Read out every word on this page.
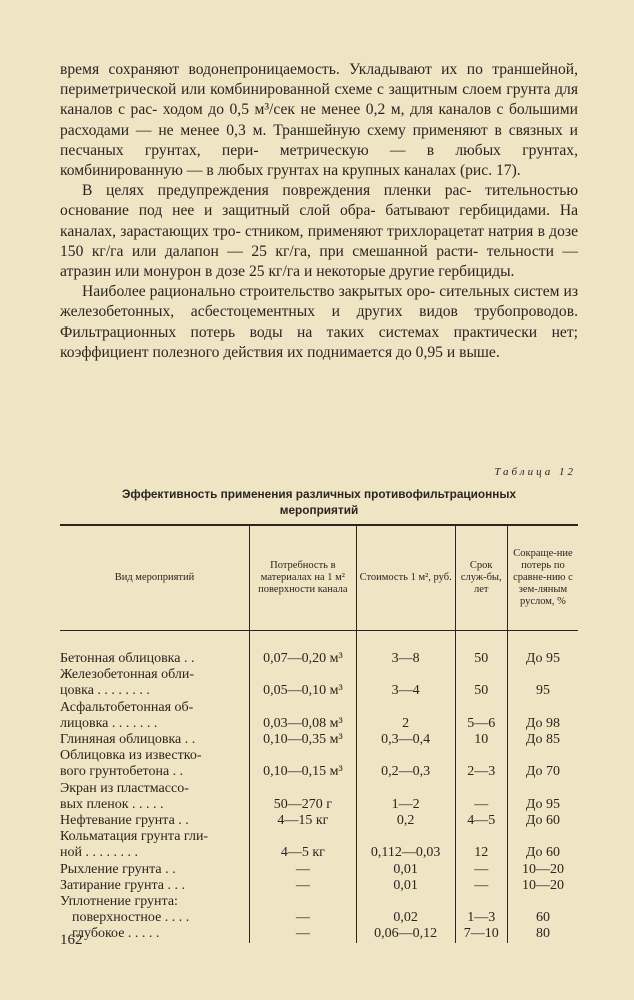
время сохраняют водонепроницаемость. Укладывают их по траншейной, периметрической или комбинированной схеме с защитным слоем грунта для каналов с рас- ходом до 0,5 м³/сек не менее 0,2 м, для каналов с большими расходами — не менее 0,3 м. Траншейную схему применяют в связных и песчаных грунтах, пери- метрическую — в любых грунтах, комбинированную — в любых грунтах на крупных каналах (рис. 17).

В целях предупреждения повреждения пленки рас- тительностью основание под нее и защитный слой обра- батывают гербицидами. На каналах, зарастающих тро- стником, применяют трихлорацетат натрия в дозе 150 кг/га или далапон — 25 кг/га, при смешанной расти- тельности — атразин или монурон в дозе 25 кг/га и некоторые другие гербициды.

Наиболее рационально строительство закрытых оро- сительных систем из железобетонных, асбестоцементных и других видов трубопроводов. Фильтрационных потерь воды на таких системах практически нет; коэффициент полезного действия их поднимается до 0,95 и выше.

Таблица 12
Эффективность применения различных противофильтрационных
мероприятий
Вид мероприятий	Потребность в материалах на 1 м² поверхности канала	Стоимость 1 м², руб.	Срок служ-бы, лет	Сокраще-ние потерь по сравне-нию с зем-ляным руслом, %

Бетонная облицовка . .	0,07—0,20 м³	3—8	50	До 95
Железобетонная обли-				
цовка . . . . . . . .	0,05—0,10 м³	3—4	50	95
Асфальтобетонная об-				
лицовка . . . . . . .	0,03—0,08 м³	2	5—6	До 98
Глиняная облицовка . .	0,10—0,35 м³	0,3—0,4	10	До 85
Облицовка из известко-				
вого грунтобетона . .	0,10—0,15 м³	0,2—0,3	2—3	До 70
Экран из пластмассо-				
вых пленок . . . . .	50—270 г	1—2	—	До 95
Нефтевание грунта . .	4—15 кг	0,2	4—5	До 60
Кольматация грунта гли-				
ной . . . . . . . .	4—5 кг	0,112—0,03	12	До 60
Рыхление грунта . .	—	0,01	—	10—20
Затирание грунта . . .	—	0,01	—	10—20
Уплотнение грунта:				
поверхностное . . . .	—	0,02	1—3	60
глубокое . . . . .	—	0,06—0,12	7—10	80
162
